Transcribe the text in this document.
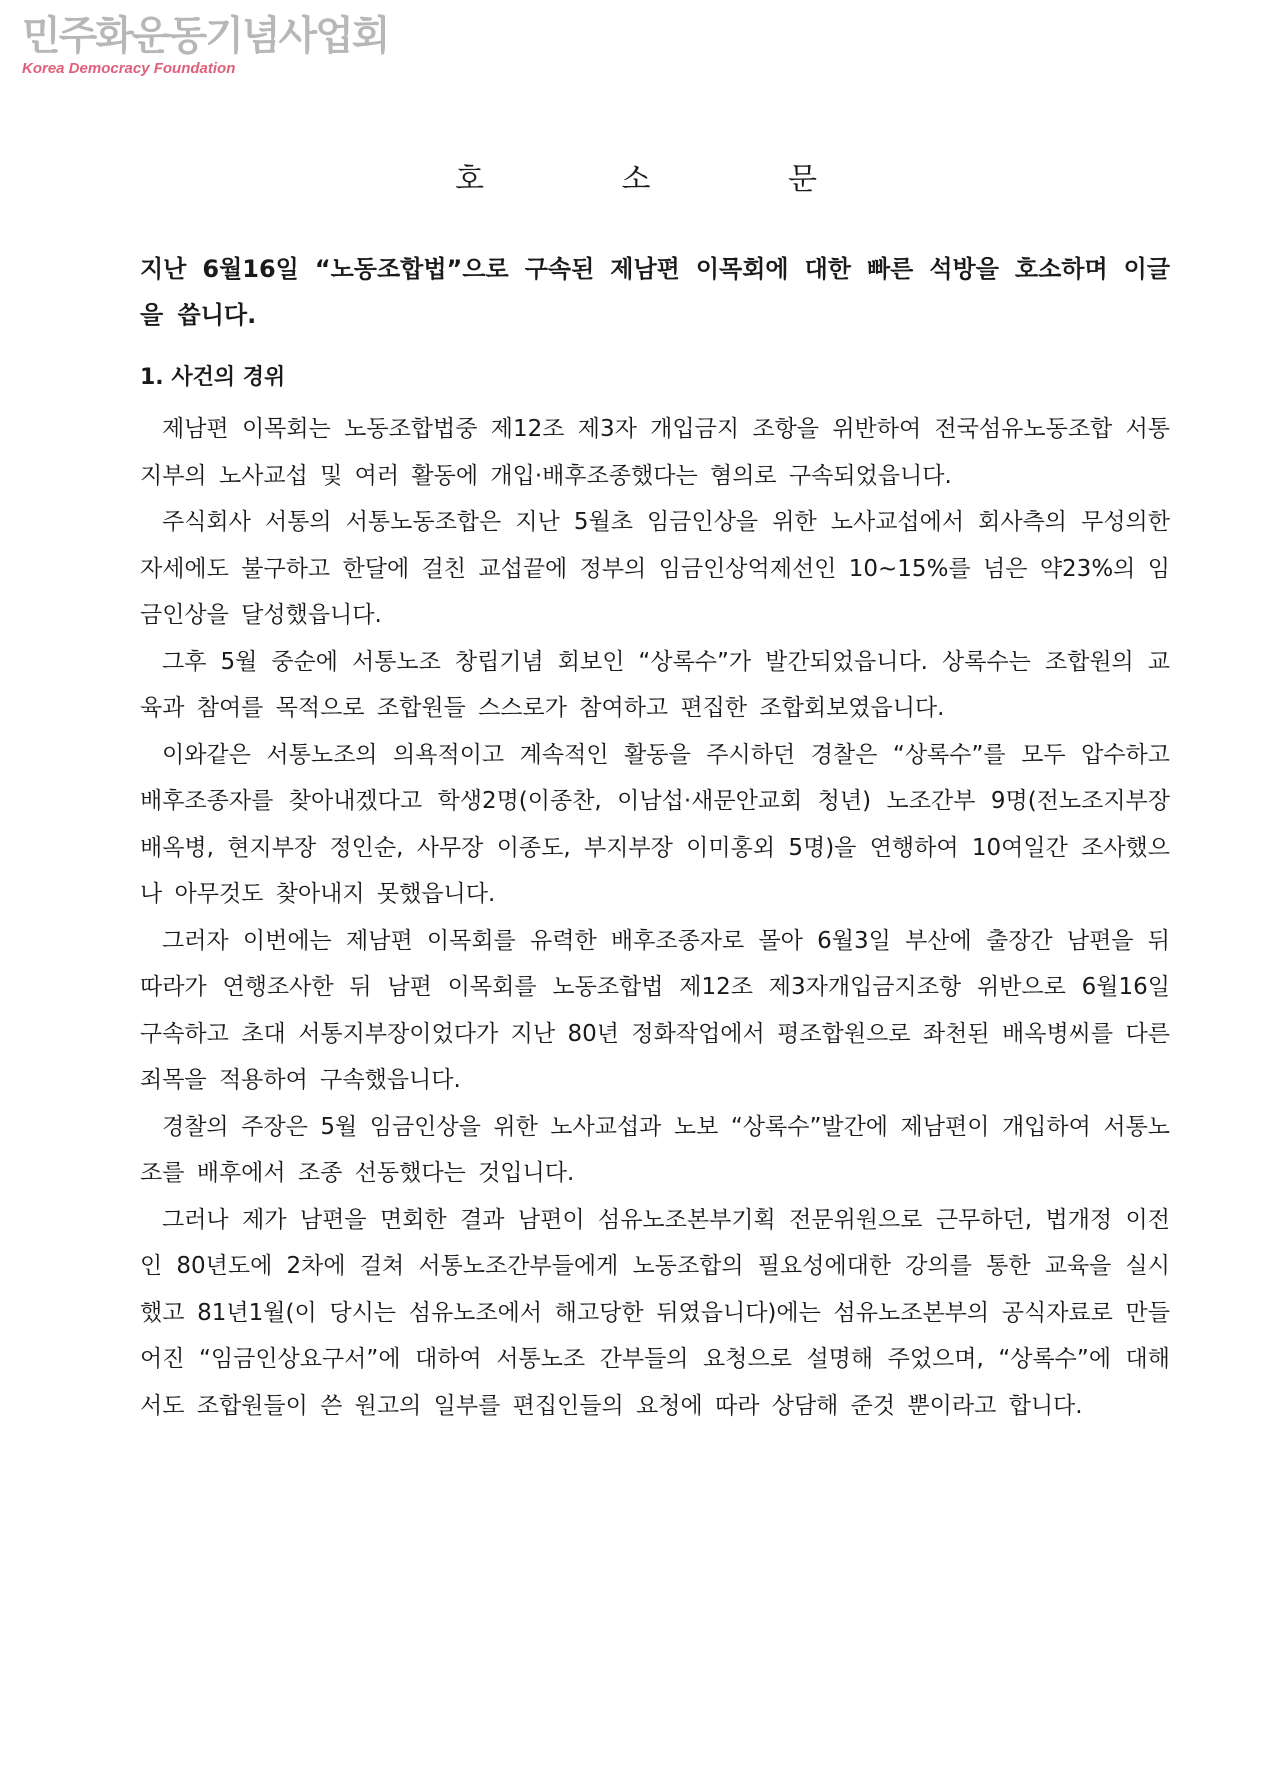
민주화운동기념사업회
Korea Democracy Foundation
호	소	문
지난 6월16일 “노동조합법”으로 구속된 제남편 이목회에 대한 빠른 석방을 호소하며 이글을 씁니다.
1. 사건의 경위

제남편 이목회는 노동조합법중 제12조 제3자 개입금지 조항을 위반하여 전국섬유노동조합 서통지부의 노사교섭 및 여러 활동에 개입·배후조종했다는 혐의로 구속되었읍니다.

주식회사 서통의 서통노동조합은 지난 5월초 임금인상을 위한 노사교섭에서 회사측의 무성의한 자세에도 불구하고 한달에 걸친 교섭끝에 정부의 임금인상억제선인 10~15%를 넘은 약23%의 임금인상을 달성했읍니다.

그후 5월 중순에 서통노조 창립기념 회보인 “상록수”가 발간되었읍니다. 상록수는 조합원의 교육과 참여를 목적으로 조합원들 스스로가 참여하고 편집한 조합회보였읍니다.

이와같은 서통노조의 의욕적이고 계속적인 활동을 주시하던 경찰은 “상록수”를 모두 압수하고 배후조종자를 찾아내겠다고 학생2명(이종찬, 이남섭·새문안교회 청년) 노조간부 9명(전노조지부장 배옥병, 현지부장 정인순, 사무장 이종도, 부지부장 이미홍외 5명)을 연행하여 10여일간 조사했으나 아무것도 찾아내지 못했읍니다.

그러자 이번에는 제남편 이목회를 유력한 배후조종자로 몰아 6월3일 부산에 출장간 남편을 뒤따라가 연행조사한 뒤 남편 이목회를 노동조합법 제12조 제3자개입금지조항 위반으로 6월16일 구속하고 초대 서통지부장이었다가 지난 80년 정화작업에서 평조합원으로 좌천된 배옥병씨를 다른 죄목을 적용하여 구속했읍니다.

경찰의 주장은 5월 임금인상을 위한 노사교섭과 노보 “상록수”발간에 제남편이 개입하여 서통노조를 배후에서 조종 선동했다는 것입니다.

그러나 제가 남편을 면회한 결과 남편이 섬유노조본부기획 전문위원으로 근무하던, 법개정 이전인 80년도에 2차에 걸쳐 서통노조간부들에게 노동조합의 필요성에대한 강의를 통한 교육을 실시했고 81년1월(이 당시는 섬유노조에서 해고당한 뒤였읍니다)에는 섬유노조본부의 공식자료로 만들어진 “임금인상요구서”에 대하여 서통노조 간부들의 요청으로 설명해 주었으며, “상록수”에 대해서도 조합원들이 쓴 원고의 일부를 편집인들의 요청에 따라 상담해 준것 뿐이라고 합니다.
